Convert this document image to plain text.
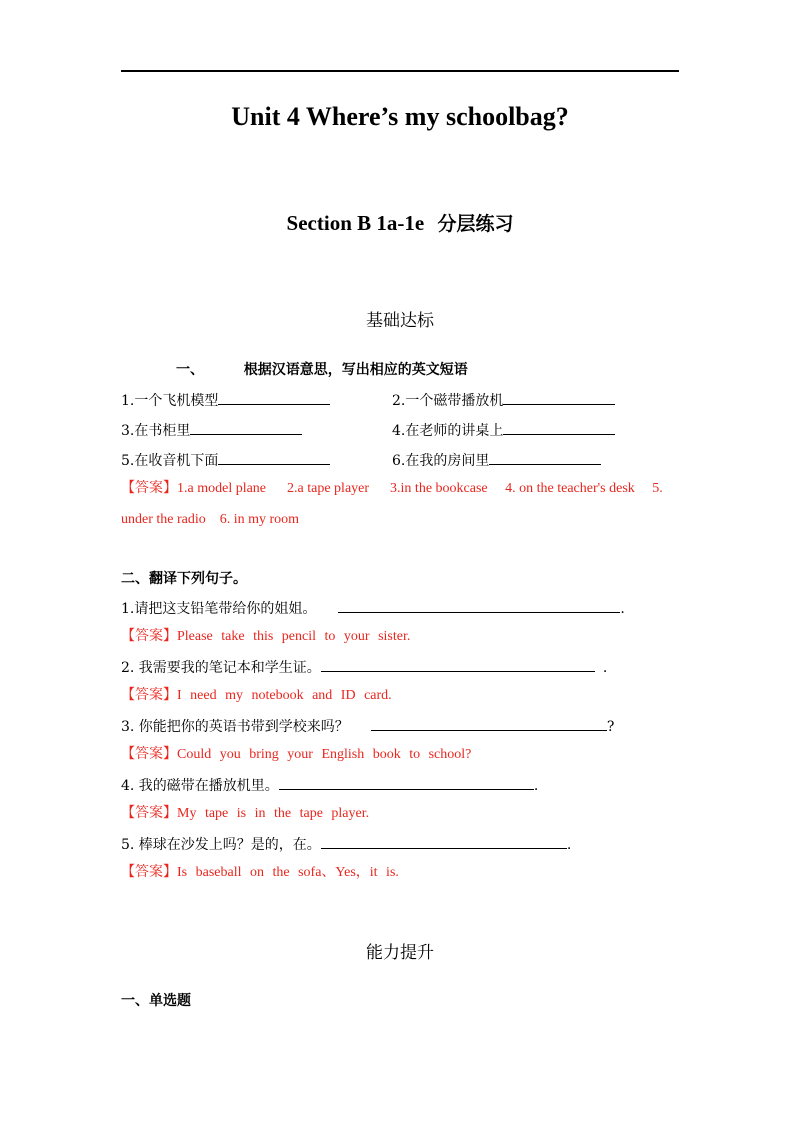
Unit 4 Where’s my schoolbag?
Section B 1a-1e 分层练习
基础达标
一、	根据汉语意思，写出相应的英文短语
1.一个飞机模型	2.一个磁带播放机
3.在书柜里	4.在老师的讲桌上
5.在收音机下面	6.在我的房间里
【答案】1.a model plane      2.a tape player      3.in the bookcase     4. on the teacher's desk     5.
under the radio    6. in my room
二、翻译下列句子。
1.请把这支铅笔带给你的姐姐。	.
【答案】Please take this pencil to your sister.
2. 我需要我的笔记本和学生证。	.
【答案】I need my notebook and ID card.
3. 你能把你的英语书带到学校来吗？	?
【答案】Could you bring your English book to school?
4. 我的磁带在播放机里。	.
【答案】My tape is in the tape player.
5. 棒球在沙发上吗？是的，在。	.
【答案】Is baseball on the sofa、Yes，it is.
能力提升
一、单选题
